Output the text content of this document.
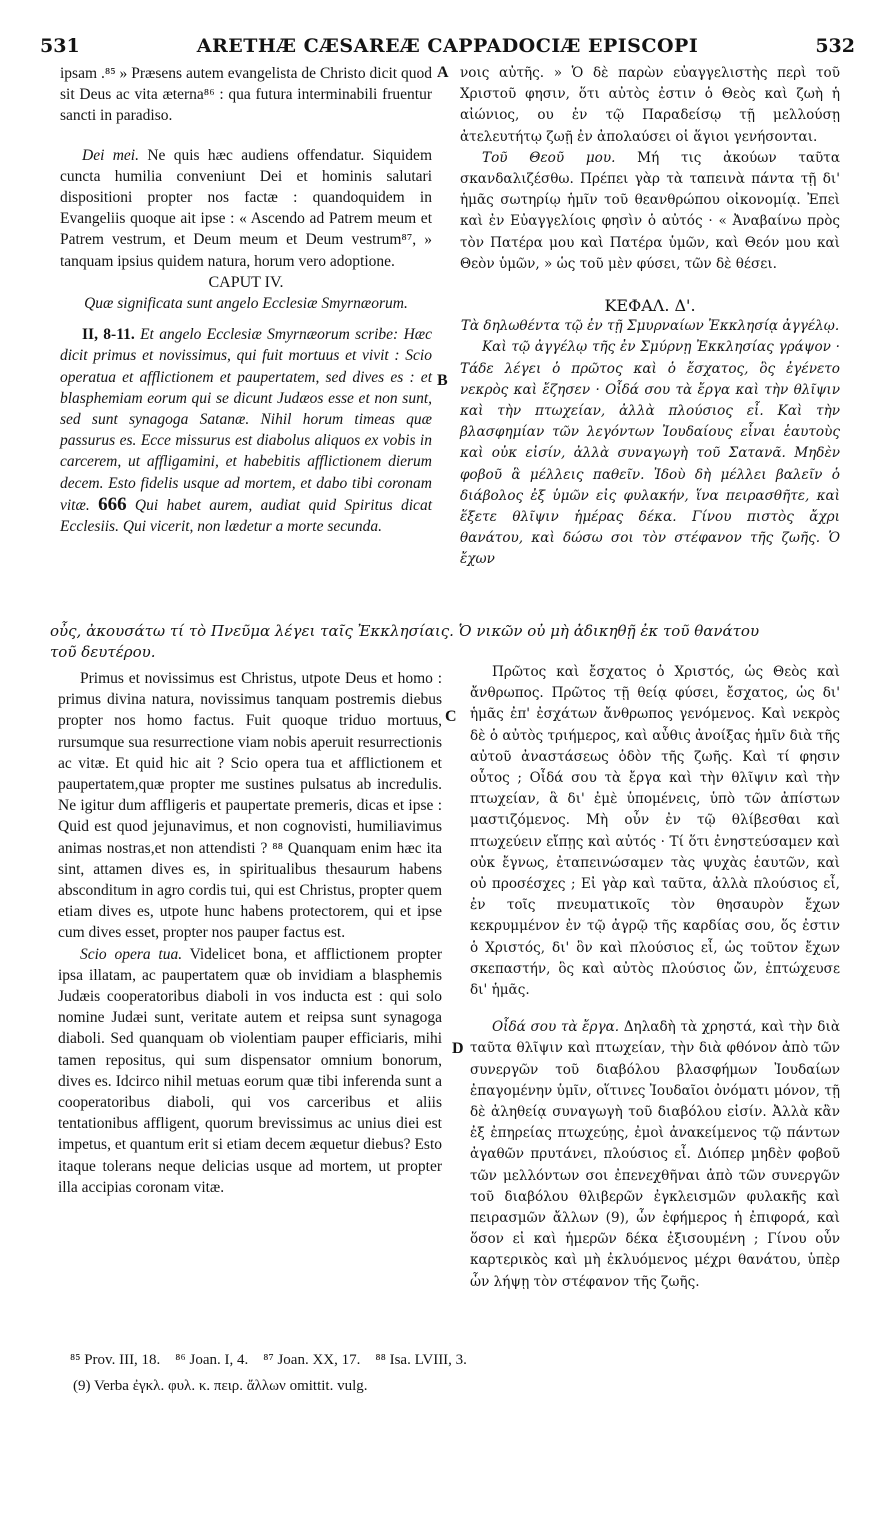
531	ARETHÆ CÆSAREÆ CAPPADOCIÆ EPISCOPI	532
A
B
C
D

ipsam .⁸⁵ » Præsens autem evangelista de Christo dicit quod sit Deus ac vita æterna⁸⁶ : qua futura interminabili fruentur sancti in paradiso.

Dei mei. Ne quis hæc audiens offendatur. Siquidem cuncta humilia conveniunt Dei et hominis salutari dispositioni propter nos factæ : quandoquidem in Evangeliis quoque ait ipse : « Ascendo ad Patrem meum et Patrem vestrum, et Deum meum et Deum vestrum⁸⁷, » tanquam ipsius quidem natura, horum vero adoptione.

CAPUT IV.

Quæ significata sunt angelo Ecclesiæ Smyrnæorum.

II, 8-11. Et angelo Ecclesiæ Smyrnæorum scribe: Hæc dicit primus et novissimus, qui fuit mortuus et vivit : Scio operatua et afflictionem et paupertatem, sed dives es : et blasphemiam eorum qui se dicunt Judæos esse et non sunt, sed sunt synagoga Satanæ. Nihil horum timeas quæ passurus es. Ecce missurus est diabolus aliquos ex vobis in carcerem, ut affligamini, et habebitis afflictionem dierum decem. Esto fidelis usque ad mortem, et dabo tibi coronam vitæ. 666 Qui habet aurem, audiat quid Spiritus dicat Ecclesiis. Qui vicerit, non lædetur a morte secunda.

νοις αὐτῆς. » Ὁ δὲ παρὼν εὐαγγελιστὴς περὶ τοῦ Χριστοῦ φησιν, ὅτι αὐτὸς ἐστιν ὁ Θεὸς καὶ ζωὴ ἡ αἰώνιος, ου ἐν τῷ Παραδείσῳ τῇ μελλούσῃ ἀτελευτήτῳ ζωῇ ἐν ἀπολαύσει οἱ ἅγιοι γενήσονται.

Τοῦ Θεοῦ μου. Μή τις ἀκούων ταῦτα σκανδαλιζέσθω. Πρέπει γὰρ τὰ ταπεινὰ πάντα τῇ δι' ἡμᾶς σωτηρίῳ ἡμῖν τοῦ θεανθρώπου οἰκονομίᾳ. Ἐπεὶ καὶ ἐν Εὐαγγελίοις φησὶν ὁ αὐτός · « Ἀναβαίνω πρὸς τὸν Πατέρα μου καὶ Πατέρα ὑμῶν, καὶ Θεόν μου καὶ Θεὸν ὑμῶν, » ὡς τοῦ μὲν φύσει, τῶν δὲ θέσει.

ΚΕΦΑΛ. Δ'.

Τὰ δηλωθέντα τῷ ἐν τῇ Σμυρναίων Ἐκκλησίᾳ ἀγγέλῳ.

Καὶ τῷ ἀγγέλῳ τῆς ἐν Σμύρνῃ Ἐκκλησίας γράψον · Τάδε λέγει ὁ πρῶτος καὶ ὁ ἔσχατος, ὃς ἐγένετο νεκρὸς καὶ ἔζησεν · Οἶδά σου τὰ ἔργα καὶ τὴν θλῖψιν καὶ τὴν πτωχείαν, ἀλλὰ πλούσιος εἶ. Καὶ τὴν βλασφημίαν τῶν λεγόντων Ἰουδαίους εἶναι ἑαυτοὺς καὶ οὐκ εἰσίν, ἀλλὰ συναγωγὴ τοῦ Σατανᾶ. Μηδὲν φοβοῦ ἃ μέλλεις παθεῖν. Ἰδοὺ δὴ μέλλει βαλεῖν ὁ διάβολος ἐξ ὑμῶν εἰς φυλακήν, ἵνα πειρασθῆτε, καὶ ἕξετε θλῖψιν ἡμέρας δέκα. Γίνου πιστὸς ἄχρι θανάτου, καὶ δώσω σοι τὸν στέφανον τῆς ζωῆς. Ὁ ἔχων

οὖς, ἀκουσάτω τί τὸ Πνεῦμα λέγει ταῖς Ἐκκλησίαις. Ὁ νικῶν οὐ μὴ ἀδικηθῇ ἐκ τοῦ θανάτου
τοῦ δευτέρου.

Primus et novissimus est Christus, utpote Deus et homo : primus divina natura, novissimus tanquam postremis diebus propter nos homo factus. Fuit quoque triduo mortuus, rursumque sua resurrectione viam nobis aperuit resurrectionis ac vitæ. Et quid hic ait ? Scio opera tua et afflictionem et paupertatem,quæ propter me sustines pulsatus ab incredulis. Ne igitur dum affligeris et paupertate premeris, dicas et ipse : Quid est quod jejunavimus, et non cognovisti, humiliavimus animas nostras,et non attendisti ? ⁸⁸ Quanquam enim hæc ita sint, attamen dives es, in spiritualibus thesaurum habens absconditum in agro cordis tui, qui est Christus, propter quem etiam dives es, utpote hunc habens protectorem, qui et ipse cum dives esset, propter nos pauper factus est.

Scio opera tua. Videlicet bona, et afflictionem propter ipsa illatam, ac paupertatem quæ ob invidiam a blasphemis Judæis cooperatoribus diaboli in vos inducta est : qui solo nomine Judæi sunt, veritate autem et reipsa sunt synagoga diaboli. Sed quanquam ob violentiam pauper efficiaris, mihi tamen repositus, qui sum dispensator omnium bonorum, dives es. Idcirco nihil metuas eorum quæ tibi inferenda sunt a cooperatoribus diaboli, qui vos carceribus et aliis tentationibus affligent, quorum brevissimus ac unius diei est impetus, et quantum erit si etiam decem æquetur diebus? Esto itaque tolerans neque delicias usque ad mortem, ut propter illa accipias coronam vitæ.

Πρῶτος καὶ ἔσχατος ὁ Χριστός, ὡς Θεὸς καὶ ἄνθρωπος. Πρῶτος τῇ θείᾳ φύσει, ἔσχατος, ὡς δι' ἡμᾶς ἐπ' ἐσχάτων ἄνθρωπος γενόμενος. Καὶ νεκρὸς δὲ ὁ αὐτὸς τριήμερος, καὶ αὖθις ἀνοίξας ἡμῖν διὰ τῆς αὐτοῦ ἀναστάσεως ὁδὸν τῆς ζωῆς. Καὶ τί φησιν οὗτος ; Οἶδά σου τὰ ἔργα καὶ τὴν θλῖψιν καὶ τὴν πτωχείαν, ἃ δι' ἐμὲ ὑπομένεις, ὑπὸ τῶν ἀπίστων μαστιζόμενος. Μὴ οὖν ἐν τῷ θλίβεσθαι καὶ πτωχεύειν εἴπῃς καὶ αὐτός · Τί ὅτι ἐνηστεύσαμεν καὶ οὐκ ἔγνως, ἐταπεινώσαμεν τὰς ψυχὰς ἑαυτῶν, καὶ οὐ προσέσχες ; Εἰ γὰρ καὶ ταῦτα, ἀλλὰ πλούσιος εἶ, ἐν τοῖς πνευματικοῖς τὸν θησαυρὸν ἔχων κεκρυμμένον ἐν τῷ ἀγρῷ τῆς καρδίας σου, ὅς ἐστιν ὁ Χριστός, δι' ὃν καὶ πλούσιος εἶ, ὡς τοῦτον ἔχων σκεπαστήν, ὃς καὶ αὐτὸς πλούσιος ὤν, ἐπτώχευσε δι' ἡμᾶς.

Οἶδά σου τὰ ἔργα. Δηλαδὴ τὰ χρηστά, καὶ τὴν διὰ ταῦτα θλῖψιν καὶ πτωχείαν, τὴν διὰ φθόνον ἀπὸ τῶν συνεργῶν τοῦ διαβόλου βλασφήμων Ἰουδαίων ἐπαγομένην ὑμῖν, οἵτινες Ἰουδαῖοι ὀνόματι μόνον, τῇ δὲ ἀληθείᾳ συναγωγὴ τοῦ διαβόλου εἰσίν. Ἀλλὰ κἂν ἐξ ἐπηρείας πτωχεύῃς, ἐμοὶ ἀνακείμενος τῷ πάντων ἀγαθῶν πρυτάνει, πλούσιος εἶ. Διόπερ μηδὲν φοβοῦ τῶν μελλόντων σοι ἐπενεχθῆναι ἀπὸ τῶν συνεργῶν τοῦ διαβόλου θλιβερῶν ἐγκλεισμῶν φυλακῆς καὶ πειρασμῶν ἄλλων (9), ὧν ἐφήμερος ἡ ἐπιφορά, καὶ ὅσον εἰ καὶ ἡμερῶν δέκα ἐξισουμένη ; Γίνου οὖν καρτερικὸς καὶ μὴ ἐκλυόμενος μέχρι θανάτου, ὑπὲρ ὧν λήψῃ τὸν στέφανον τῆς ζωῆς.

⁸⁵ Prov. III, 18.    ⁸⁶ Joan. I, 4.    ⁸⁷ Joan. XX, 17.    ⁸⁸ Isa. LVIII, 3.
(9) Verba ἐγκλ. φυλ. κ. πειρ. ἄλλων omittit. vulg.
